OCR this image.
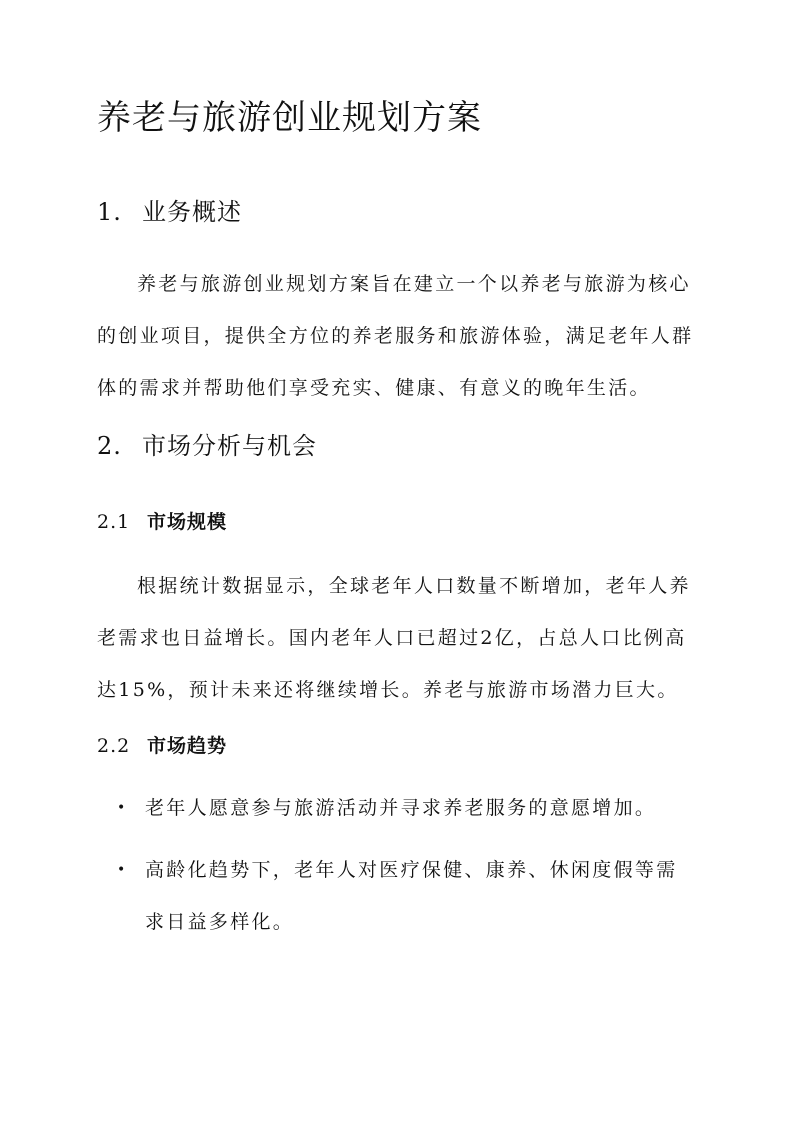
养老与旅游创业规划方案
1. 业务概述

养老与旅游创业规划方案旨在建立一个以养老与旅游为核心的创业项目，提供全方位的养老服务和旅游体验，满足老年人群体的需求并帮助他们享受充实、健康、有意义的晚年生活。

2. 市场分析与机会
2.1 市场规模

根据统计数据显示，全球老年人口数量不断增加，老年人养老需求也日益增长。国内老年人口已超过2亿，占总人口比例高达15%，预计未来还将继续增长。养老与旅游市场潜力巨大。

2.2 市场趋势
• 老年人愿意参与旅游活动并寻求养老服务的意愿增加。
• 高龄化趋势下，老年人对医疗保健、康养、休闲度假等需求日益多样化。
